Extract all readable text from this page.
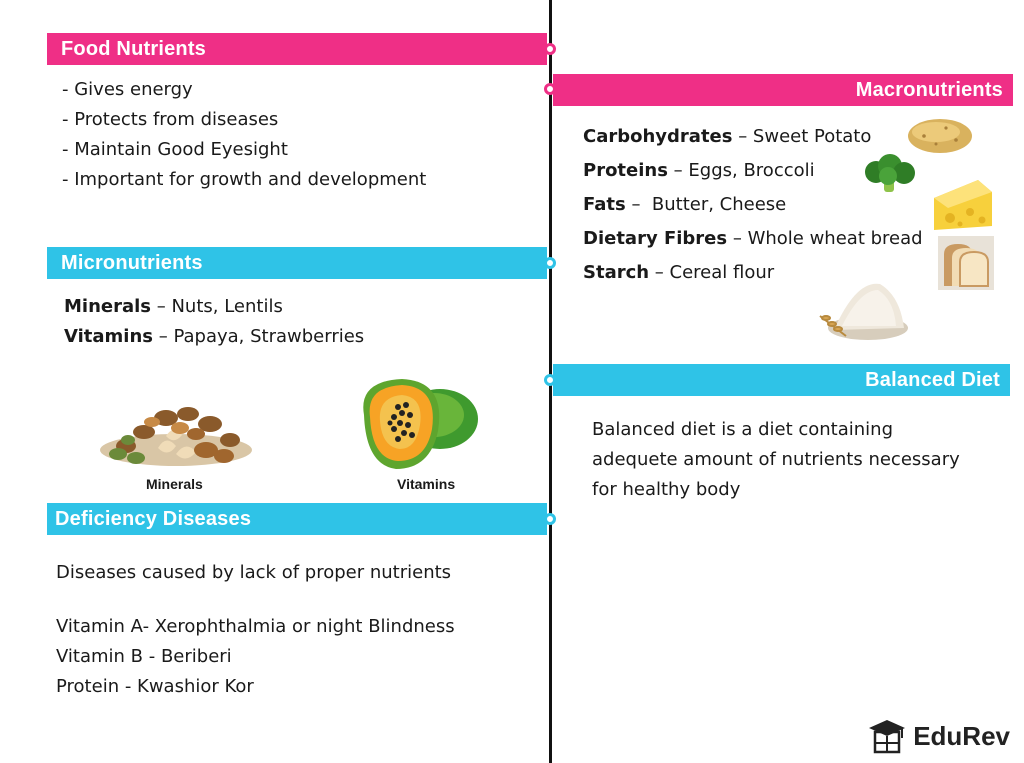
Food Nutrients
- Gives energy
- Protects from diseases
- Maintain Good Eyesight
- Important for growth and development
Micronutrients
Minerals – Nuts, Lentils
Vitamins – Papaya, Strawberries
Minerals	Vitamins
Deficiency Diseases
Diseases caused by lack of proper nutrients
Vitamin A- Xerophthalmia or night Blindness
Vitamin B - Beriberi
Protein - Kwashior Kor
Macronutrients
Carbohydrates – Sweet Potato
Proteins – Eggs, Broccoli
Fats –  Butter, Cheese
Dietary Fibres – Whole wheat bread
Starch – Cereal flour
Balanced Diet
Balanced diet is a diet containing
adequete amount of nutrients necessary
for healthy body
EduRev
